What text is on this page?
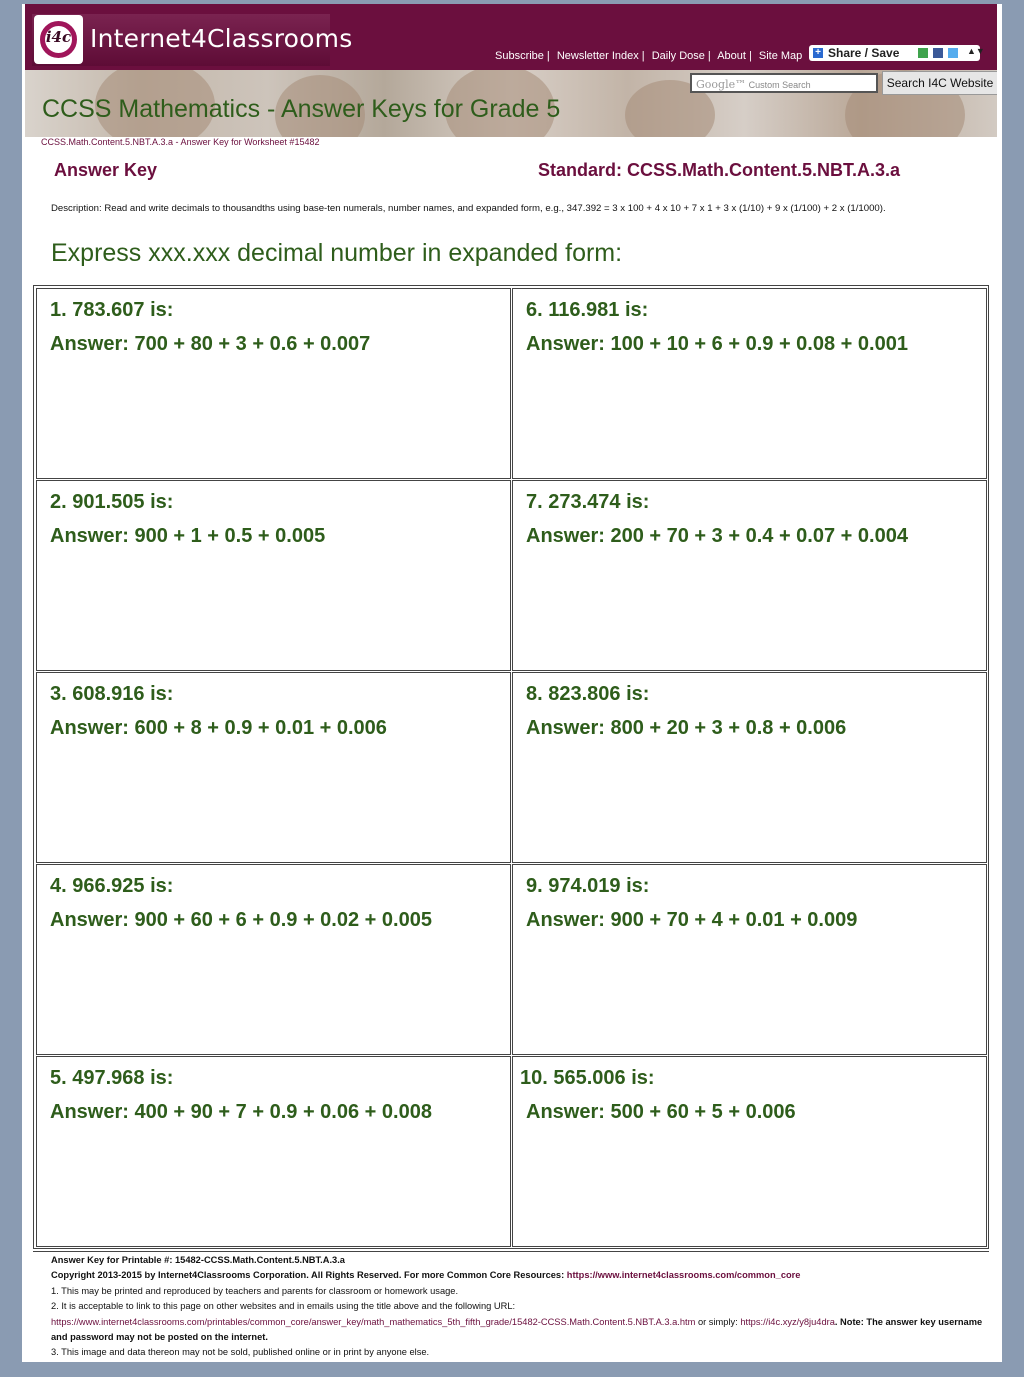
i4c Internet4Classrooms
Subscribe | Newsletter Index | Daily Dose | About | Site Map + Share / Save	▲▼
CCSS Mathematics - Answer Keys for Grade 5
Google™ Custom Search	Search I4C Website
CCSS.Math.Content.5.NBT.A.3.a - Answer Key for Worksheet #15482
Answer Key	Standard: CCSS.Math.Content.5.NBT.A.3.a
Description: Read and write decimals to thousandths using base-ten numerals, number names, and expanded form, e.g., 347.392 = 3 x 100 + 4 x 10 + 7 x 1 + 3 x (1/10) + 9 x (1/100) + 2 x (1/1000).
Express xxx.xxx decimal number in expanded form:
1. 783.607 is:
Answer: 700 + 80 + 3 + 0.6 + 0.007
6. 116.981 is:
Answer: 100 + 10 + 6 + 0.9 + 0.08 + 0.001
2. 901.505 is:
Answer: 900 + 1 + 0.5 + 0.005
7. 273.474 is:
Answer: 200 + 70 + 3 + 0.4 + 0.07 + 0.004
3. 608.916 is:
Answer: 600 + 8 + 0.9 + 0.01 + 0.006
8. 823.806 is:
Answer: 800 + 20 + 3 + 0.8 + 0.006
4. 966.925 is:
Answer: 900 + 60 + 6 + 0.9 + 0.02 + 0.005
9. 974.019 is:
Answer: 900 + 70 + 4 + 0.01 + 0.009
5. 497.968 is:
Answer: 400 + 90 + 7 + 0.9 + 0.06 + 0.008
10. 565.006 is:
Answer: 500 + 60 + 5 + 0.006
Answer Key for Printable #: 15482-CCSS.Math.Content.5.NBT.A.3.a
Copyright 2013-2015 by Internet4Classrooms Corporation. All Rights Reserved. For more Common Core Resources: https://www.internet4classrooms.com/common_core
1. This may be printed and reproduced by teachers and parents for classroom or homework usage.
2. It is acceptable to link to this page on other websites and in emails using the title above and the following URL:
https://www.internet4classrooms.com/printables/common_core/answer_key/math_mathematics_5th_fifth_grade/15482-CCSS.Math.Content.5.NBT.A.3.a.htm or simply: https://i4c.xyz/y8ju4dra. Note: The answer key username and password may not be posted on the internet.
3. This image and data thereon may not be sold, published online or in print by anyone else.
